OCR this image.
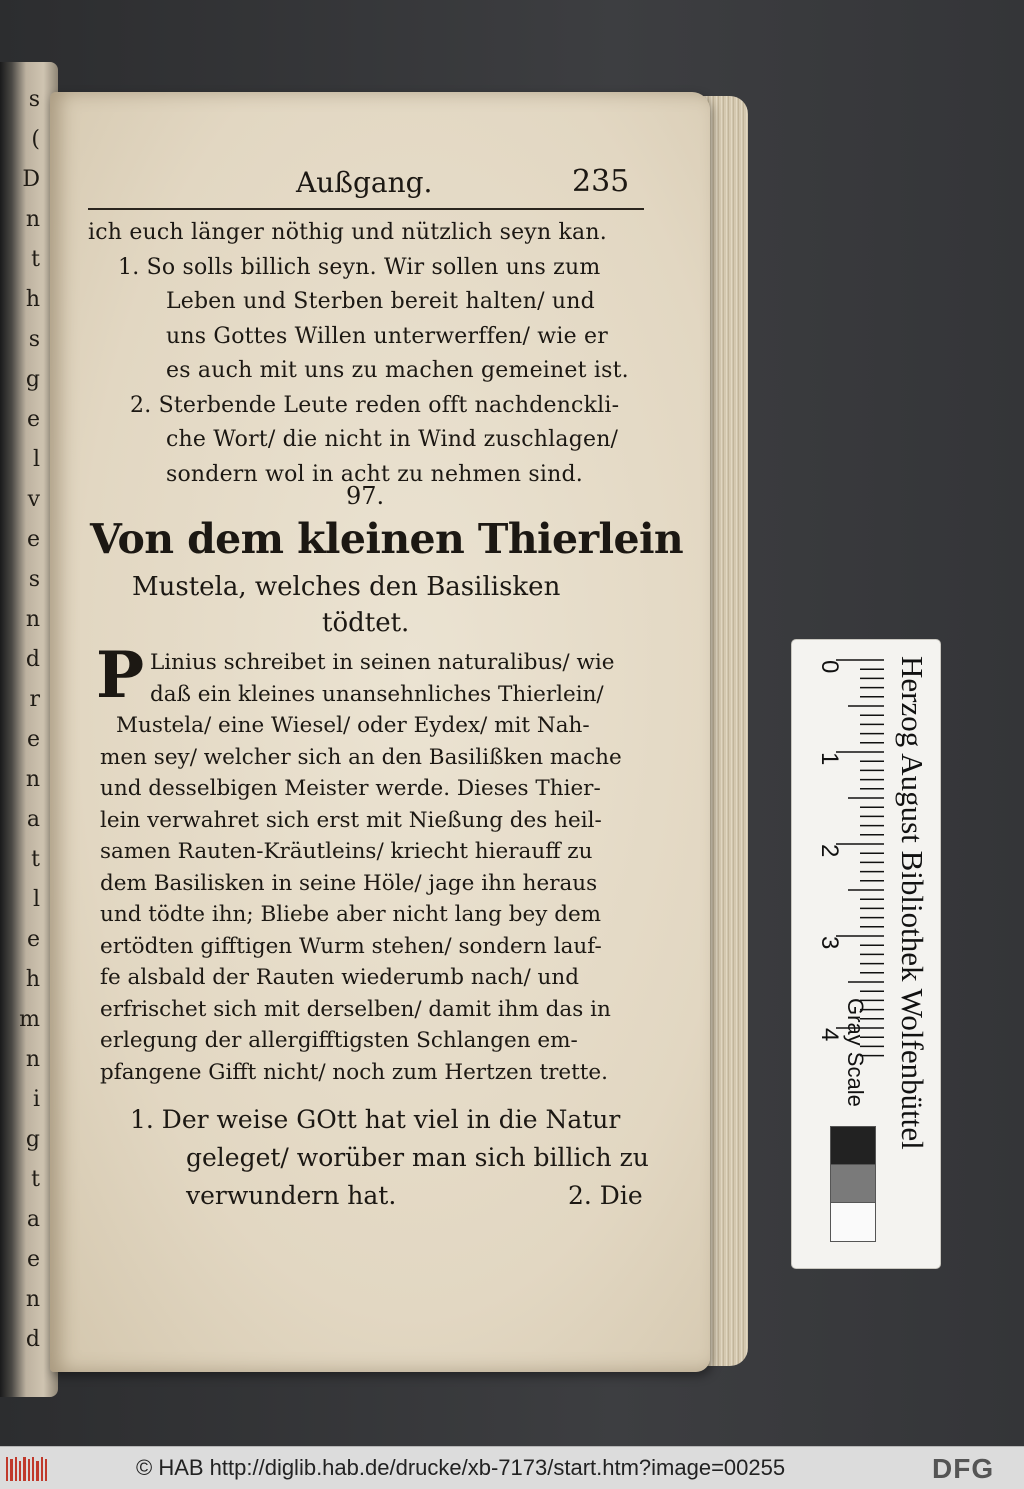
s
(
D
n
t
h
s
g
e
l
v
e
s
n
d
r
e
n
a
t
l
e
h
m
n
i
g
t
a
e
n
d
Außgang.	235
ich euch länger nöthig und nützlich seyn kan.
1. So solls billich seyn. Wir sollen uns zum
Leben und Sterben bereit halten/ und
uns Gottes Willen unterwerffen/ wie er
es auch mit uns zu machen gemeinet ist.
2. Sterbende Leute reden offt nachdenckli-
che Wort/ die nicht in Wind zuschlagen/
sondern wol in acht zu nehmen sind.
97.
Von dem kleinen Thierlein
Mustela, welches den Basilisken
tödtet.
P Linius schreibet in seinen naturalibus/ wie
daß ein kleines unansehnliches Thierlein/
Mustela/ eine Wiesel/ oder Eydex/ mit Nah-
men sey/ welcher sich an den Basilißken mache
und desselbigen Meister werde. Dieses Thier-
lein verwahret sich erst mit Nießung des heil-
samen Rauten-Kräutleins/ kriecht hierauff zu
dem Basilisken in seine Höle/ jage ihn heraus
und tödte ihn; Bliebe aber nicht lang bey dem
ertödten gifftigen Wurm stehen/ sondern lauf-
fe alsbald der Rauten wiederumb nach/ und
erfrischet sich mit derselben/ damit ihm das in
erlegung der allergifftigsten Schlangen em-
pfangene Gifft nicht/ noch zum Hertzen trette.
1. Der weise GOtt hat viel in die Natur
geleget/ worüber man sich billich zu
verwundern hat.	2. Die
0
1
2
3
4 Herzog August Bibliothek Wolfenbüttel
Gray Scale
© HAB http://diglib.hab.de/drucke/xb-7173/start.htm?image=00255	DFG
